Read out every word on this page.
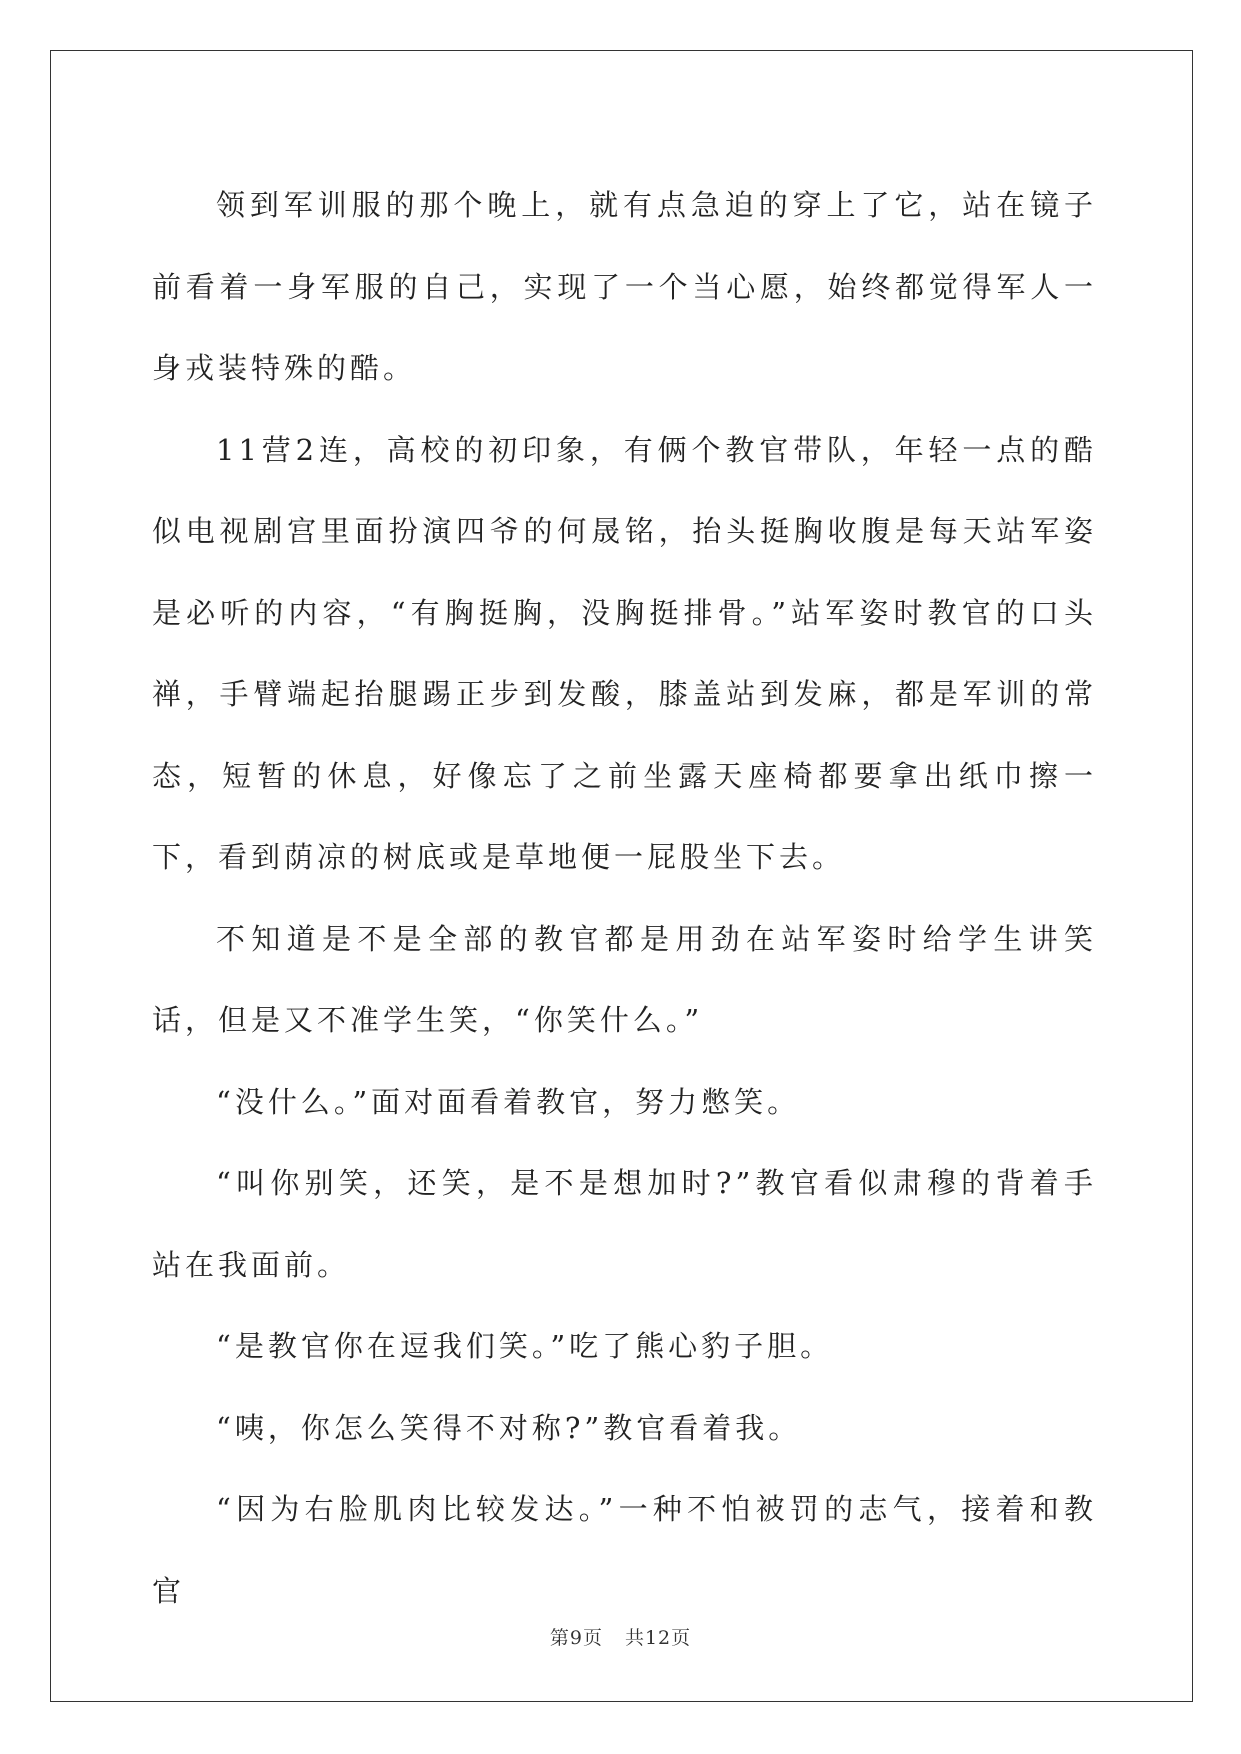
领到军训服的那个晚上，就有点急迫的穿上了它，站在镜子前看着一身军服的自己，实现了一个当心愿，始终都觉得军人一身戎装特殊的酷。

11营2连，高校的初印象，有俩个教官带队，年轻一点的酷似电视剧宫里面扮演四爷的何晟铭，抬头挺胸收腹是每天站军姿是必听的内容，“有胸挺胸，没胸挺排骨。”站军姿时教官的口头禅，手臂端起抬腿踢正步到发酸，膝盖站到发麻，都是军训的常态，短暂的休息，好像忘了之前坐露天座椅都要拿出纸巾擦一下，看到荫凉的树底或是草地便一屁股坐下去。

不知道是不是全部的教官都是用劲在站军姿时给学生讲笑话，但是又不准学生笑，“你笑什么。”

“没什么。”面对面看着教官，努力憋笑。

“叫你别笑，还笑，是不是想加时?”教官看似肃穆的背着手站在我面前。

“是教官你在逗我们笑。”吃了熊心豹子胆。

“咦，你怎么笑得不对称?”教官看着我。

“因为右脸肌肉比较发达。”一种不怕被罚的志气，接着和教官

第9页 共12页
